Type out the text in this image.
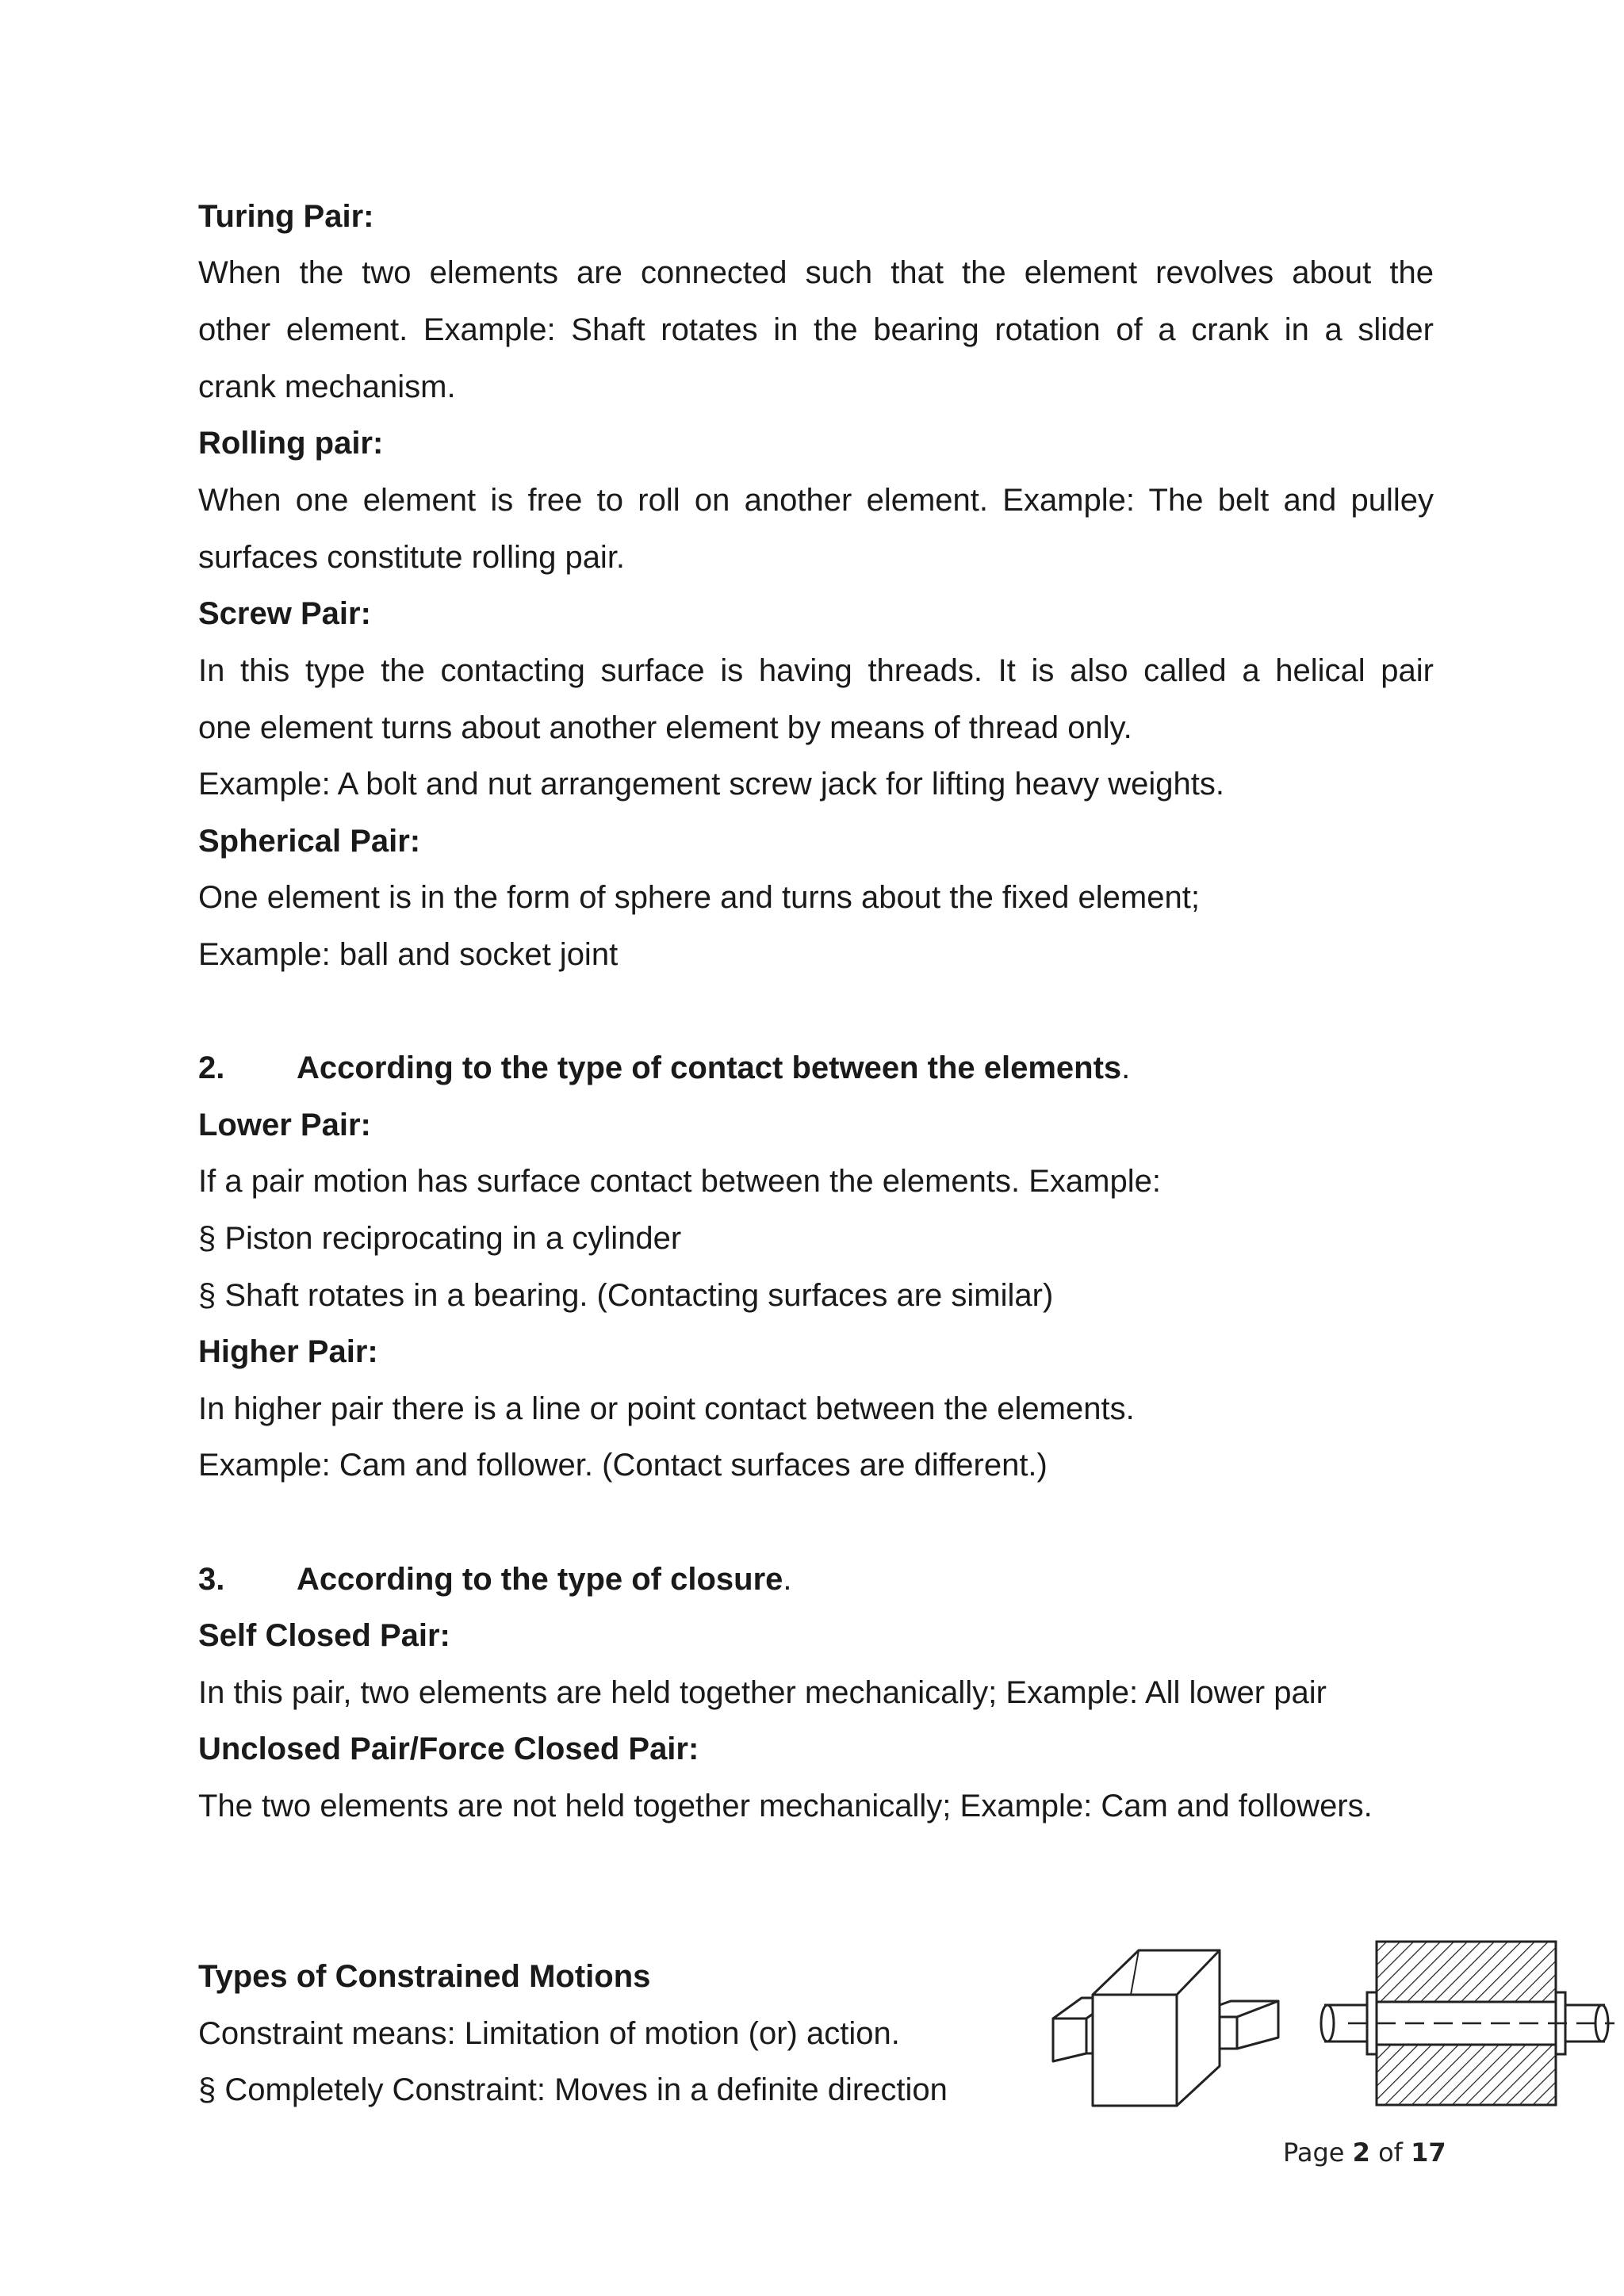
Turing Pair:
When the two elements are connected such that the element revolves about the
other element. Example: Shaft rotates in the bearing rotation of a crank in a slider
crank mechanism.
Rolling pair:
When one element is free to roll on another element. Example: The belt and pulley
surfaces constitute rolling pair.
Screw Pair:
In this type the contacting surface is having threads. It is also called a helical pair
one element turns about another element by means of thread only.
Example: A bolt and nut arrangement screw jack for lifting heavy weights.
Spherical Pair:
One element is in the form of sphere and turns about the fixed element;
Example: ball and socket joint
2. According to the type of contact between the elements.
Lower Pair:
If a pair motion has surface contact between the elements. Example:
§ Piston reciprocating in a cylinder
§ Shaft rotates in a bearing. (Contacting surfaces are similar)
Higher Pair:
In higher pair there is a line or point contact between the elements.
Example: Cam and follower. (Contact surfaces are different.)
3. According to the type of closure.
Self Closed Pair:
In this pair, two elements are held together mechanically; Example: All lower pair
Unclosed Pair/Force Closed Pair:
The two elements are not held together mechanically; Example: Cam and followers.
Types of Constrained Motions
Constraint means: Limitation of motion (or) action.
§ Completely Constraint: Moves in a definite direction
Page 2 of 17
